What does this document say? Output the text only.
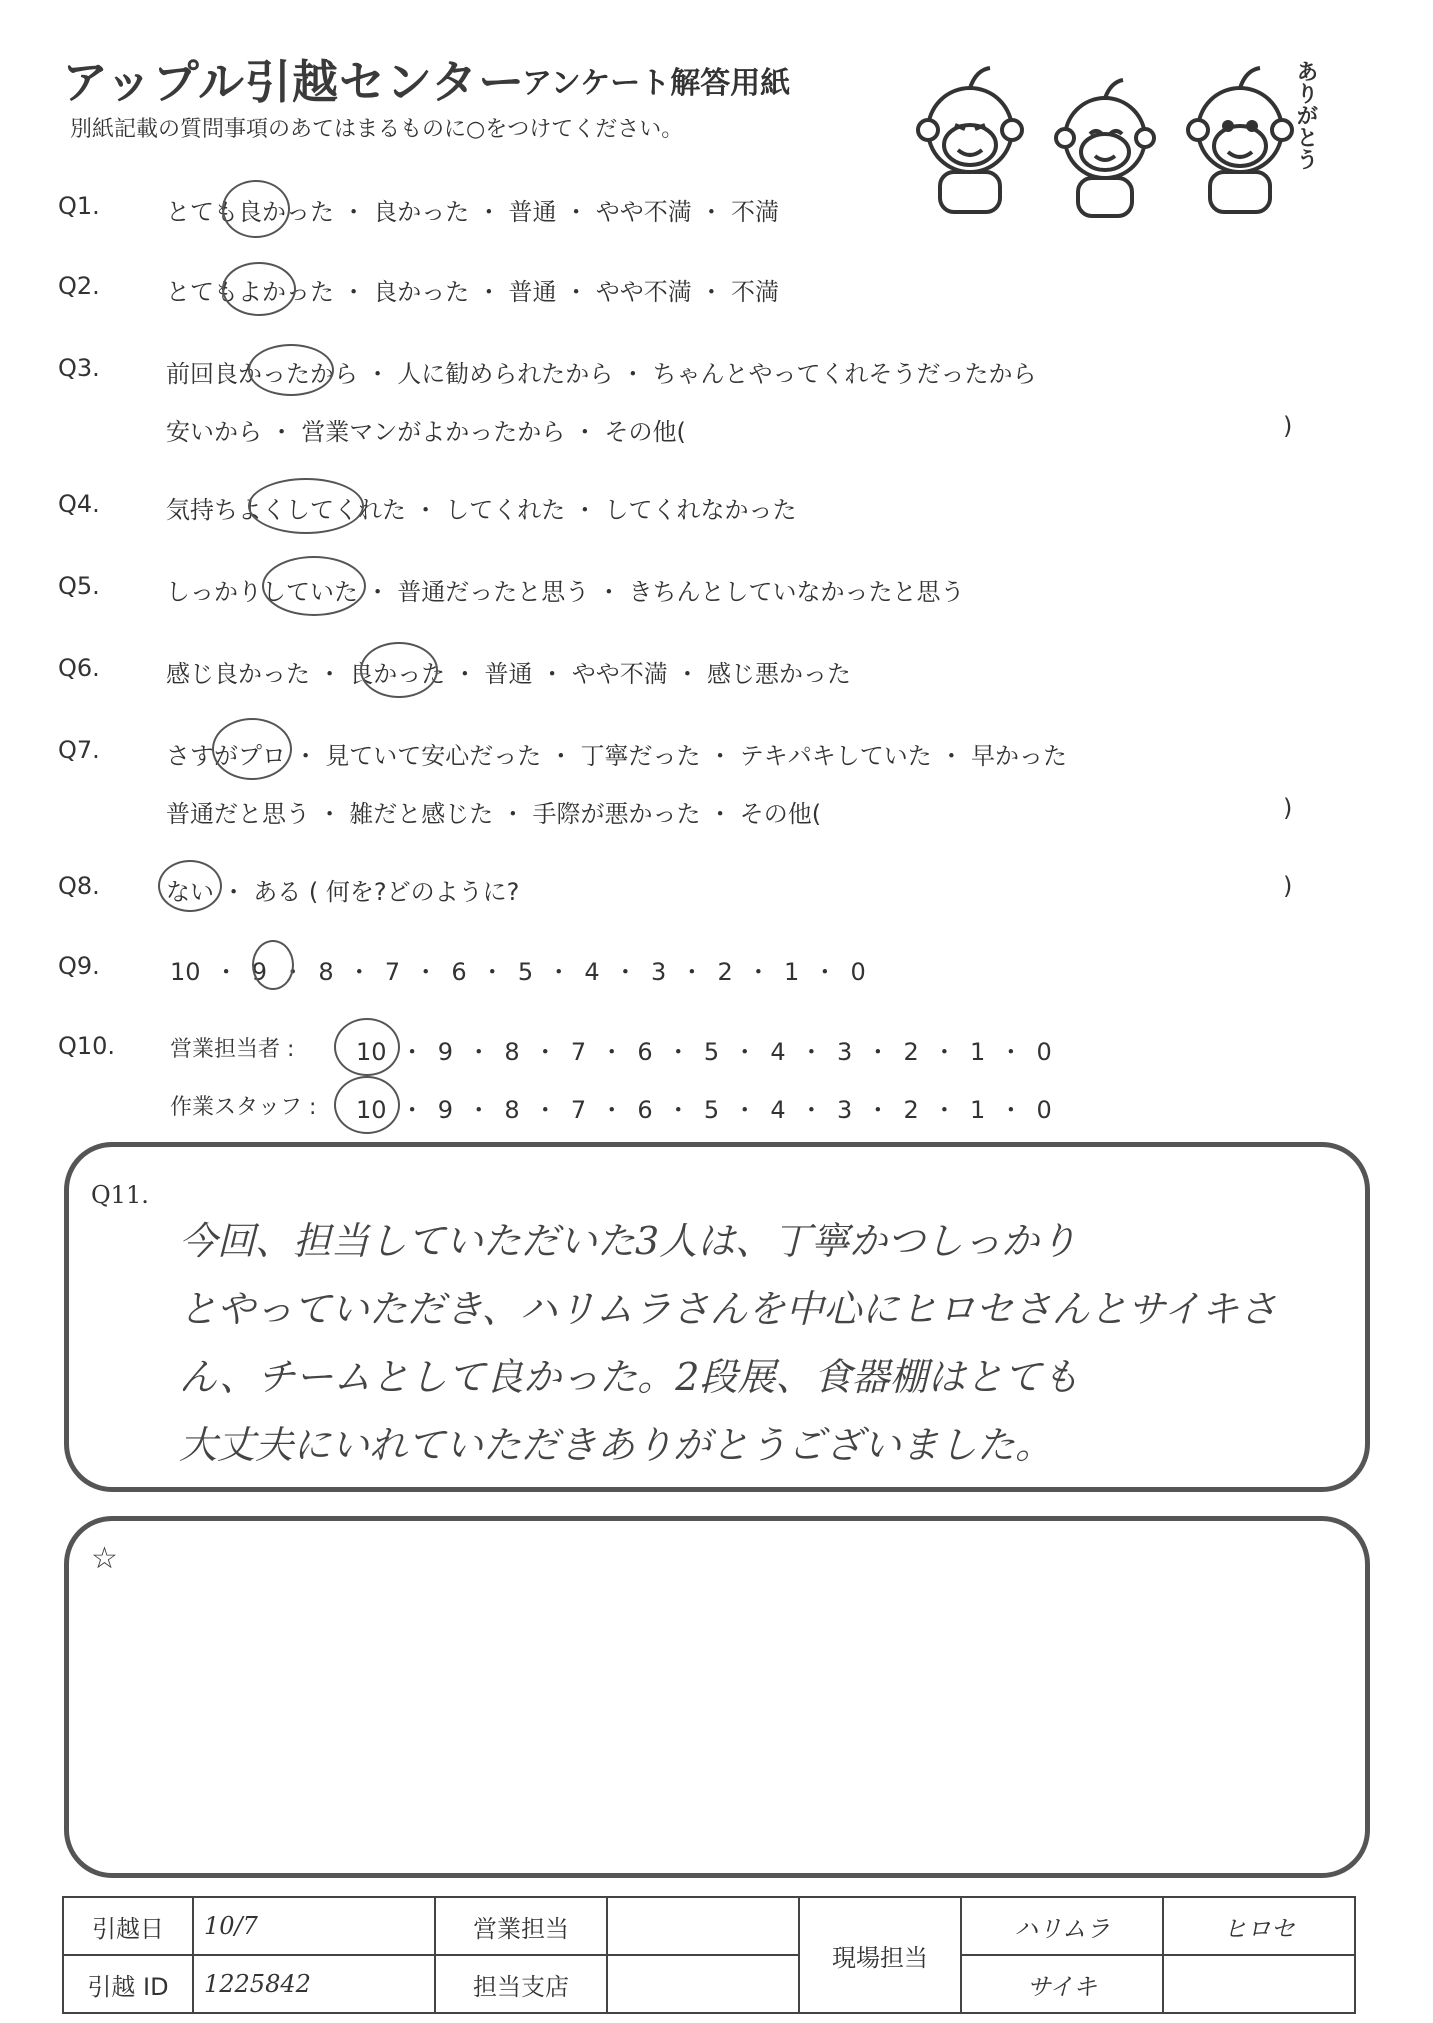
アップル引越センター
アンケート解答用紙
別紙記載の質問事項のあてはまるものに○をつけてください。	ありがとう
Q1.	とても良かった ・ 良かった ・ 普通 ・ やや不満 ・ 不満
Q2.	とてもよかった ・ 良かった ・ 普通 ・ やや不満 ・ 不満
Q3.	前回良かったから ・ 人に勧められたから ・ ちゃんとやってくれそうだったから
安いから ・ 営業マンがよかったから ・ その他(	)
Q4.	気持ちよくしてくれた ・ してくれた ・ してくれなかった
Q5.	しっかりしていた ・ 普通だったと思う ・ きちんとしていなかったと思う
Q6.	感じ良かった ・ 良かった ・ 普通 ・ やや不満 ・ 感じ悪かった
Q7.	さすがプロ ・ 見ていて安心だった ・ 丁寧だった ・ テキパキしていた ・ 早かった
普通だと思う ・ 雑だと感じた ・ 手際が悪かった ・ その他(	)
Q8.	ない ・ ある ( 何を?どのように?	)
Q9.	10 ・ 9 ・ 8 ・ 7 ・ 6 ・ 5 ・ 4 ・ 3 ・ 2 ・ 1 ・ 0
Q10.	営業担当者 :	10 ・ 9 ・ 8 ・ 7 ・ 6 ・ 5 ・ 4 ・ 3 ・ 2 ・ 1 ・ 0
作業スタッフ : 10 ・ 9 ・ 8 ・ 7 ・ 6 ・ 5 ・ 4 ・ 3 ・ 2 ・ 1 ・ 0
Q11.
今回、担当していただいた3人は、丁寧かつしっかり
とやっていただき、ハリムラさんを中心にヒロセさんとサイキさ
ん、チームとして良かった。2段展、食器棚はとても
大丈夫にいれていただきありがとうございました。
☆
引越日	10/7	営業担当		現場担当	ハリムラ	ヒロセ
引越 ID	1225842	担当支店			サイキ	
